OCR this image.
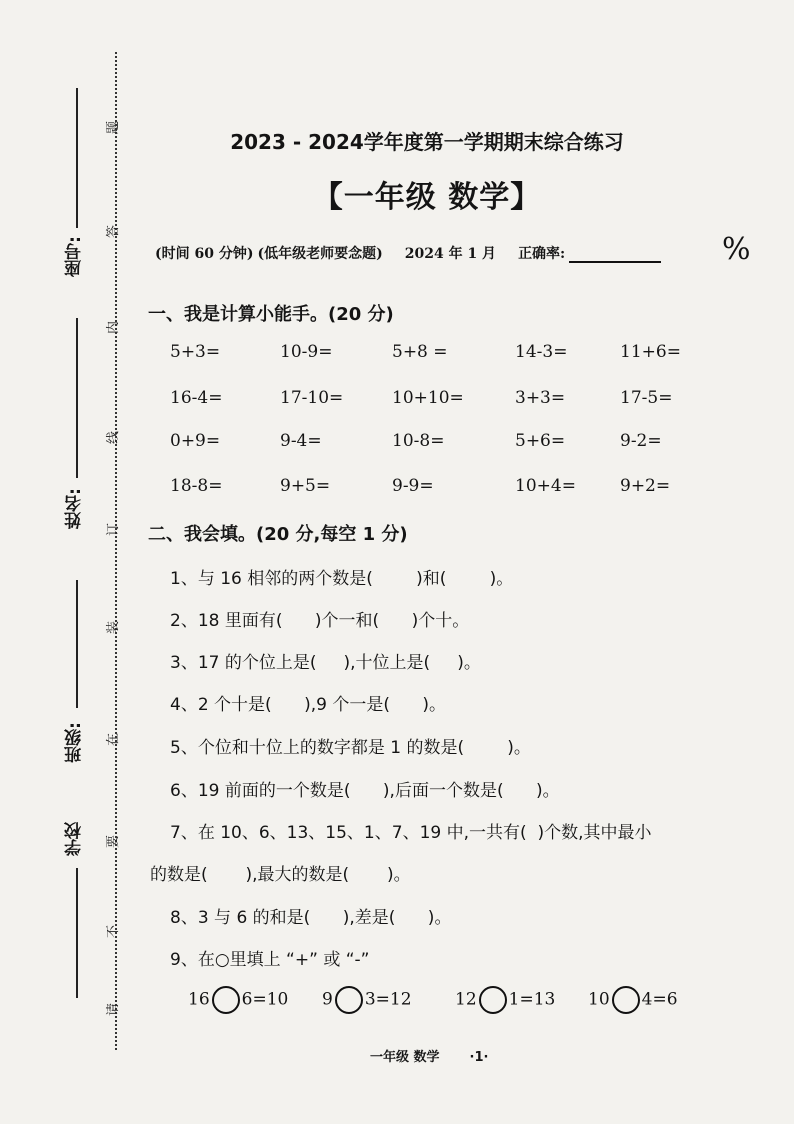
座号:
姓名:
班级:
学校
题
答
内
线
订
装
在
要
不
请
2023 - 2024学年度第一学期期末综合练习
【一年级 数学】
(时间 60 分钟) (低年级老师要念题) 2024 年 1 月 正确率:	%
一、我是计算小能手。(20 分)
5+3=	10-9=	5+8 =	14-3=	11+6=
16-4=	17-10=	10+10=	3+3=	17-5=
0+9=	9-4=	10-8=	5+6=	9-2=
18-8=	9+5=	9-9=	10+4=	9+2=
二、我会填。(20 分,每空 1 分)
1、与 16 相邻的两个数是(        )和(        )。
2、18 里面有(      )个一和(      )个十。
3、17 的个位上是(     ),十位上是(     )。
4、2 个十是(      ),9 个一是(      )。
5、个位和十位上的数字都是 1 的数是(        )。
6、19 前面的一个数是(      ),后面一个数是(      )。
7、在 10、6、13、15、1、7、19 中,一共有(  )个数,其中最小
的数是(       ),最大的数是(       )。
8、3 与 6 的和是(      ),差是(      )。
9、在○里填上 “+” 或 “-”
16 6=10 9 3=12	12 1=13 10 4=6
一年级 数学 ·1·
